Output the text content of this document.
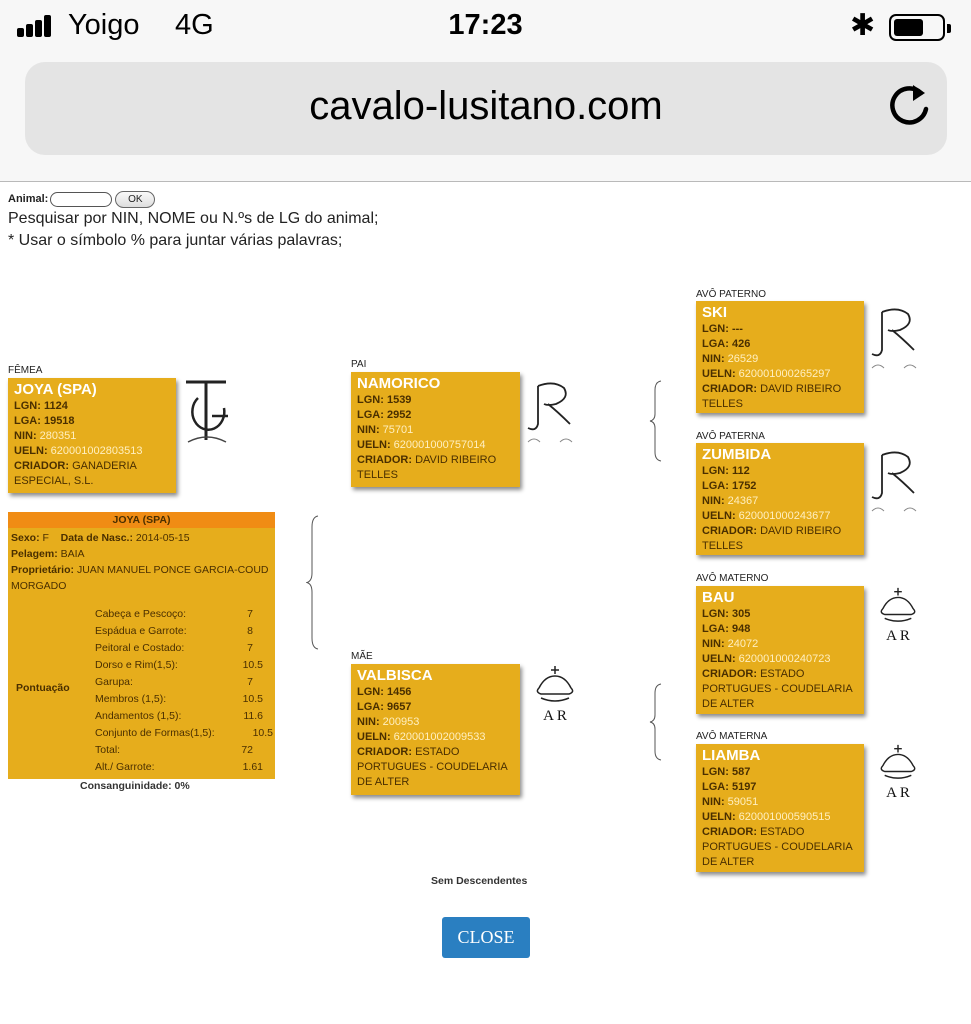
Yoigo 4G	17:23	✱
cavalo-lusitano.com
Animal:	OK
Pesquisar por NIN, NOME ou N.ºs de LG do animal;
* Usar o símbolo % para juntar várias palavras;
FÊMEA
JOYA (SPA)
LGN: 1124
LGA: 19518
NIN: 280351
UELN: 620001002803513
CRIADOR: GANADERIA ESPECIAL, S.L.
JOYA (SPA)
Sexo: F Data de Nasc.: 2014-05-15
Pelagem: BAIA
Proprietário: JUAN MANUEL PONCE GARCIA-COUD MORGADO
Pontuação
Cabeça e Pescoço:	7
Espádua e Garrote:	8
Peitoral e Costado:	7
Dorso e Rim(1,5):	10.5
Garupa:	7
Membros (1,5):	10.5
Andamentos (1,5):	11.6
Conjunto de Formas(1,5):	10.5
Total:	72
Alt./ Garrote:	1.61
Consanguinidade: 0%
PAI
NAMORICO
LGN: 1539
LGA: 2952
NIN: 75701
UELN: 620001000757014
CRIADOR: DAVID RIBEIRO TELLES
MÃE
VALBISCA
LGN: 1456
LGA: 9657
NIN: 200953
UELN: 620001002009533
CRIADOR: ESTADO PORTUGUES - COUDELARIA DE ALTER
A R
AVÔ PATERNO
SKI
LGN: ---
LGA: 426
NIN: 26529
UELN: 620001000265297
CRIADOR: DAVID RIBEIRO TELLES
AVÔ PATERNA
ZUMBIDA
LGN: 112
LGA: 1752
NIN: 24367
UELN: 620001000243677
CRIADOR: DAVID RIBEIRO TELLES
AVÔ MATERNO
BAU
LGN: 305
LGA: 948
NIN: 24072
UELN: 620001000240723
CRIADOR: ESTADO PORTUGUES - COUDELARIA DE ALTER
A R
AVÔ MATERNA
LIAMBA
LGN: 587
LGA: 5197
NIN: 59051
UELN: 620001000590515
CRIADOR: ESTADO PORTUGUES - COUDELARIA DE ALTER
A R
Sem Descendentes
CLOSE
